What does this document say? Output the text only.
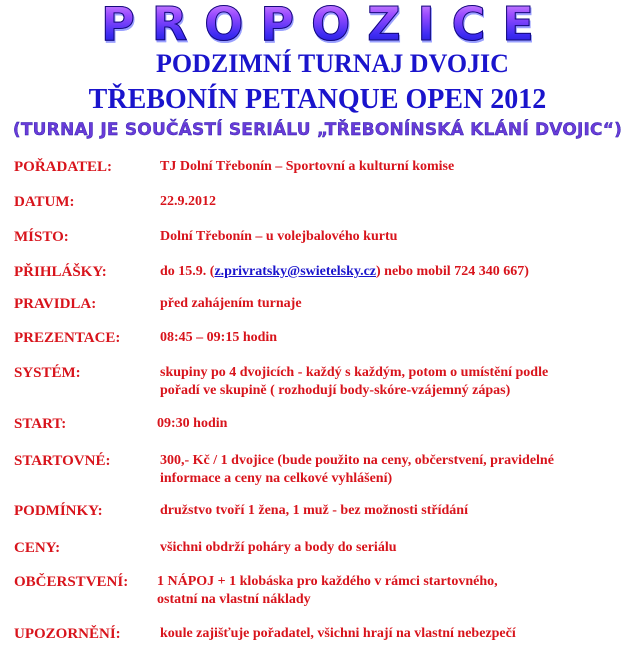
PROPOZICE
PODZIMNÍ TURNAJ DVOJIC
TŘEBONÍN PETANQUE OPEN 2012
(TURNAJ JE SOUČÁSTÍ SERIÁLU „TŘEBONÍNSKÁ KLÁNÍ DVOJIC“)
POŘADATEL:	TJ Dolní Třebonín – Sportovní a kulturní komise
DATUM:	22.9.2012
MÍSTO:	Dolní Třebonín – u volejbalového kurtu
PŘIHLÁŠKY:	do 15.9. (z.privratsky@swietelsky.cz) nebo mobil 724 340 667)
PRAVIDLA:	před zahájením turnaje
PREZENTACE:	08:45 – 09:15 hodin
SYSTÉM:	skupiny po 4 dvojicích - každý s každým, potom o umístění podle
pořadí ve skupině ( rozhodují body-skóre-vzájemný zápas)
START:	09:30 hodin
STARTOVNÉ:	300,- Kč / 1 dvojice (bude použito na ceny, občerstvení, pravidelné
informace a ceny na celkové vyhlášení)
PODMÍNKY:	družstvo tvoří 1 žena, 1 muž - bez možnosti střídání
CENY:	všichni obdrží poháry a body do seriálu
OBČERSTVENÍ: 1 NÁPOJ + 1 klobáska pro každého v rámci startovného,
ostatní na vlastní náklady
UPOZORNĚNÍ:	koule zajišťuje pořadatel, všichni hrají na vlastní nebezpečí
